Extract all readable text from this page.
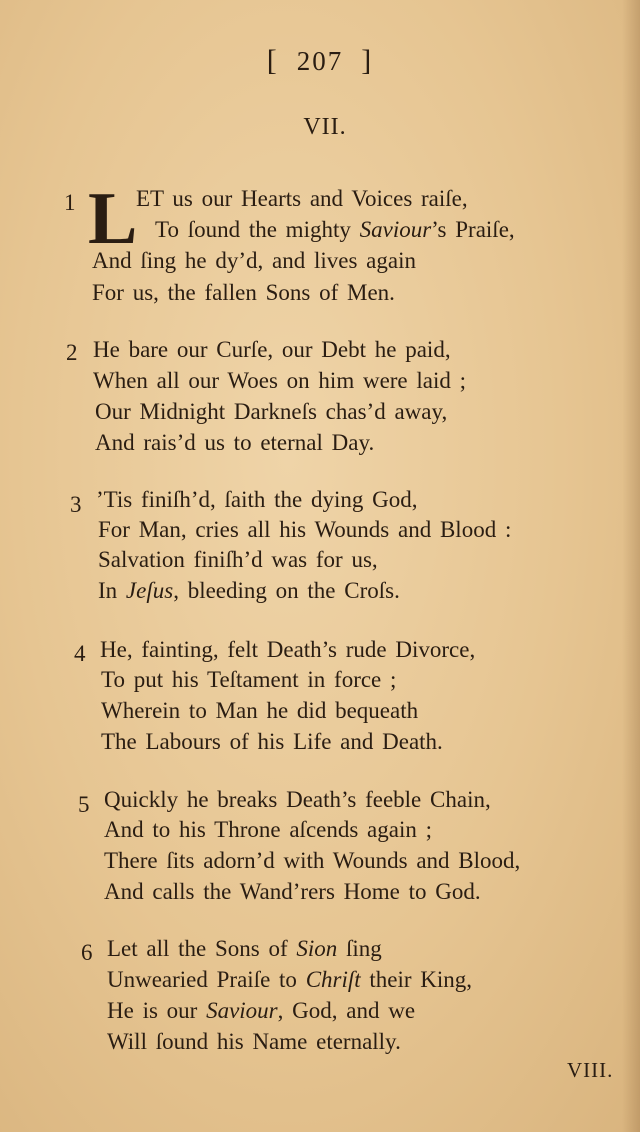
[ 207 ]
VII.
1 L
ET us our Hearts and Voices raiſe,
To ſound the mighty Saviour’s Praiſe,
And ſing he dy’d, and lives again
For us, the fallen Sons of Men.
2 He bare our Curſe, our Debt he paid,
When all our Woes on him were laid ;
Our Midnight Darkneſs chas’d away,
And rais’d us to eternal Day.
3 ’Tis finiſh’d, ſaith the dying God,
For Man, cries all his Wounds and Blood :
Salvation finiſh’d was for us,
In Jeſus, bleeding on the Croſs.
4 He, fainting, felt Death’s rude Divorce,
To put his Teſtament in force ;
Wherein to Man he did bequeath
The Labours of his Life and Death.
5 Quickly he breaks Death’s feeble Chain,
And to his Throne aſcends again ;
There ſits adorn’d with Wounds and Blood,
And calls the Wand’rers Home to God.
6 Let all the Sons of Sion ſing
Unwearied Praiſe to Chriſt their King,
He is our Saviour, God, and we
Will ſound his Name eternally.
VIII.
